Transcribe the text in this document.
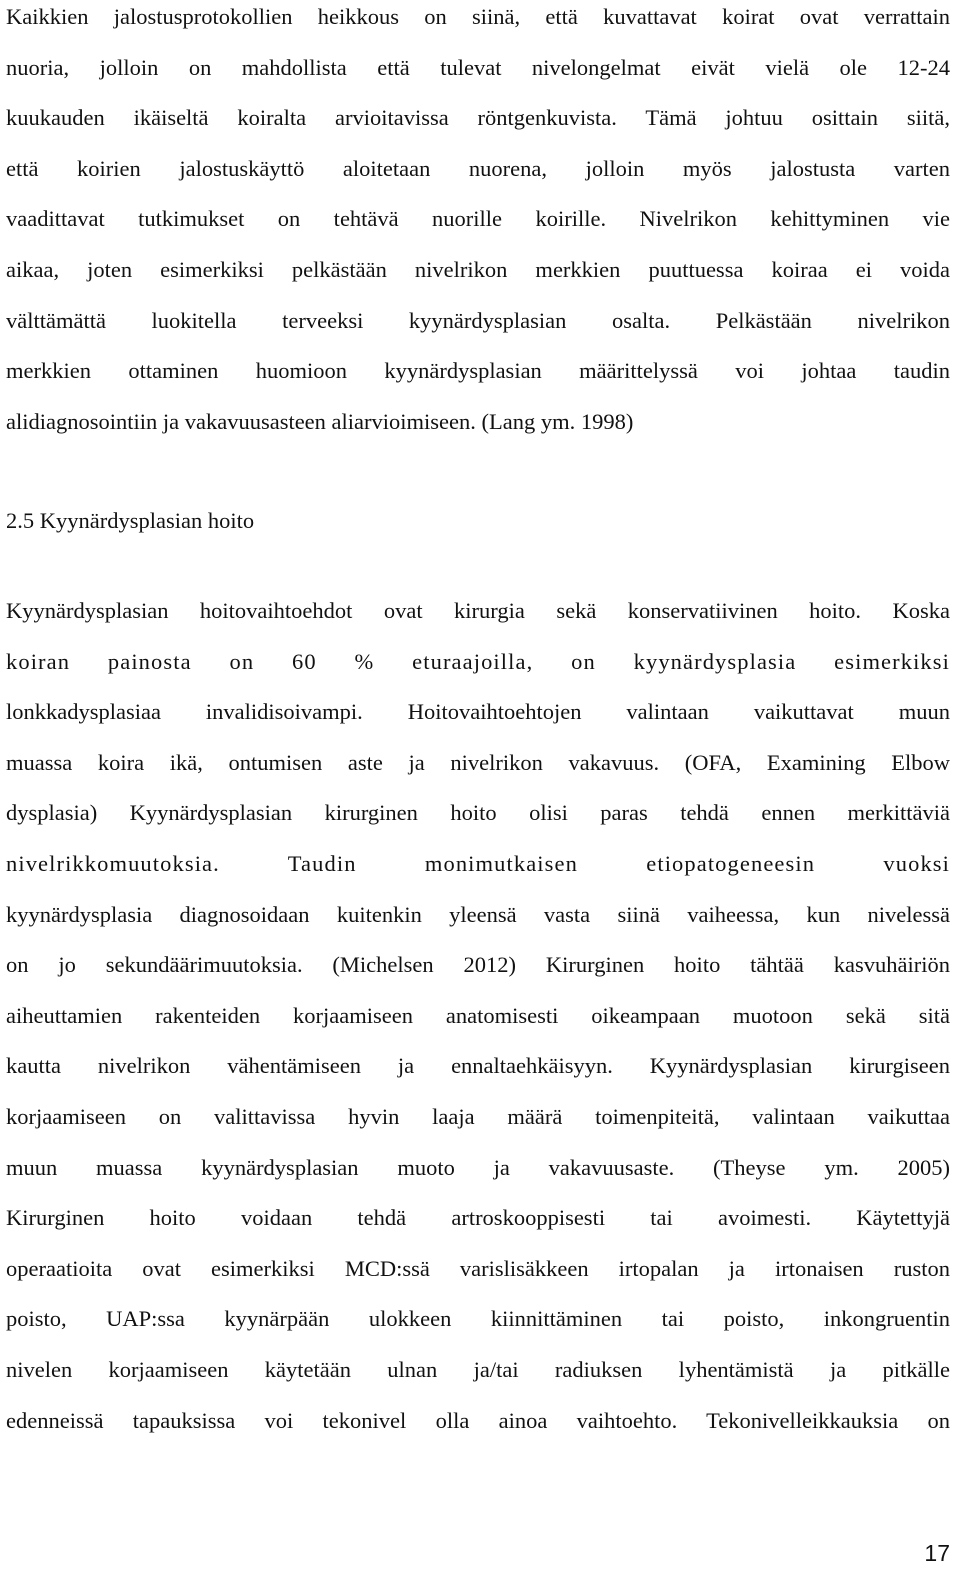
Kaikkien jalostusprotokollien heikkous on siinä, että kuvattavat koirat ovat verrattain
nuoria, jolloin on mahdollista että tulevat nivelongelmat eivät vielä ole 12-24
kuukauden ikäiseltä koiralta arvioitavissa röntgenkuvista. Tämä johtuu osittain siitä,
että koirien jalostuskäyttö aloitetaan nuorena, jolloin myös jalostusta varten
vaadittavat tutkimukset on tehtävä nuorille koirille. Nivelrikon kehittyminen vie
aikaa, joten esimerkiksi pelkästään nivelrikon merkkien puuttuessa koiraa ei voida
välttämättä luokitella terveeksi kyynärdysplasian osalta. Pelkästään nivelrikon
merkkien ottaminen huomioon kyynärdysplasian määrittelyssä voi johtaa taudin
alidiagnosointiin ja vakavuusasteen aliarvioimiseen. (Lang ym. 1998)
2.5 Kyynärdysplasian hoito
Kyynärdysplasian hoitovaihtoehdot ovat kirurgia sekä konservatiivinen hoito. Koska
koiran painosta on 60 % eturaajoilla, on kyynärdysplasia esimerkiksi
lonkkadysplasiaa invalidisoivampi. Hoitovaihtoehtojen valintaan vaikuttavat muun
muassa koira ikä, ontumisen aste ja nivelrikon vakavuus. (OFA, Examining Elbow
dysplasia) Kyynärdysplasian kirurginen hoito olisi paras tehdä ennen merkittäviä
nivelrikkomuutoksia. Taudin monimutkaisen etiopatogeneesin vuoksi
kyynärdysplasia diagnosoidaan kuitenkin yleensä vasta siinä vaiheessa, kun nivelessä
on jo sekundäärimuutoksia. (Michelsen 2012) Kirurginen hoito tähtää kasvuhäiriön
aiheuttamien rakenteiden korjaamiseen anatomisesti oikeampaan muotoon sekä sitä
kautta nivelrikon vähentämiseen ja ennaltaehkäisyyn. Kyynärdysplasian kirurgiseen
korjaamiseen on valittavissa hyvin laaja määrä toimenpiteitä, valintaan vaikuttaa
muun muassa kyynärdysplasian muoto ja vakavuusaste. (Theyse ym. 2005)
Kirurginen hoito voidaan tehdä artroskooppisesti tai avoimesti. Käytettyjä
operaatioita ovat esimerkiksi MCD:ssä varislisäkkeen irtopalan ja irtonaisen ruston
poisto, UAP:ssa kyynärpään ulokkeen kiinnittäminen tai poisto, inkongruentin
nivelen korjaamiseen käytetään ulnan ja/tai radiuksen lyhentämistä ja pitkälle
edenneissä tapauksissa voi tekonivel olla ainoa vaihtoehto. Tekonivelleikkauksia on
17
